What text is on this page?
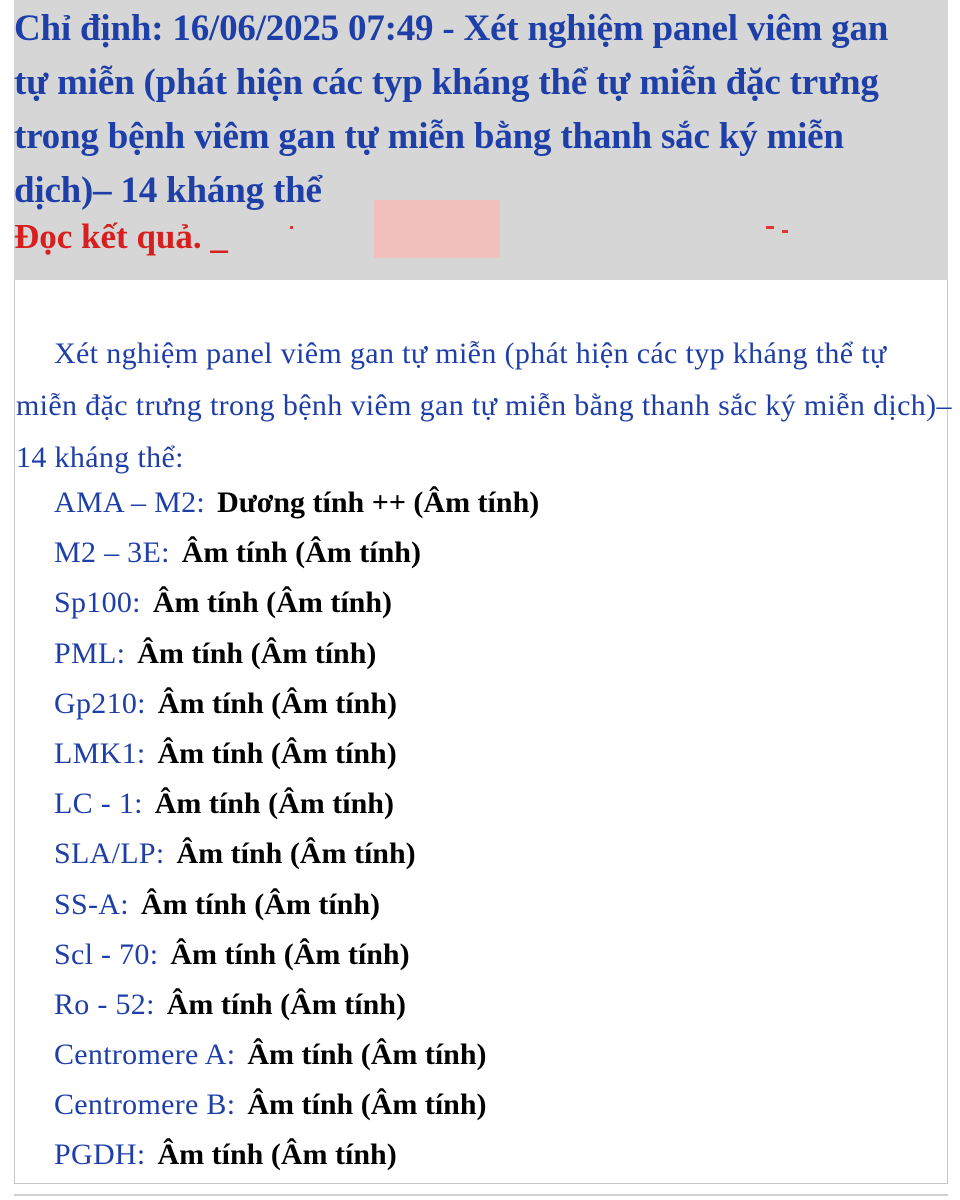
Chỉ định: 16/06/2025 07:49 - Xét nghiệm panel viêm gan tự miễn (phát hiện các typ kháng thể tự miễn đặc trưng trong bệnh viêm gan tự miễn bằng thanh sắc ký miễn dịch)– 14 kháng thể

Đọc kết quả. _

Xét nghiệm panel viêm gan tự miễn (phát hiện các typ kháng thể tự miễn đặc trưng trong bệnh viêm gan tự miễn bằng thanh sắc ký miễn dịch)– 14 kháng thể:

AMA – M2: Dương tính ++ (Âm tính)
M2 – 3E: Âm tính (Âm tính)
Sp100: Âm tính (Âm tính)
PML: Âm tính (Âm tính)
Gp210: Âm tính (Âm tính)
LMK1: Âm tính (Âm tính)
LC - 1: Âm tính (Âm tính)
SLA/LP: Âm tính (Âm tính)
SS-A: Âm tính (Âm tính)
Scl - 70: Âm tính (Âm tính)
Ro - 52: Âm tính (Âm tính)
Centromere A: Âm tính (Âm tính)
Centromere B: Âm tính (Âm tính)
PGDH: Âm tính (Âm tính)
